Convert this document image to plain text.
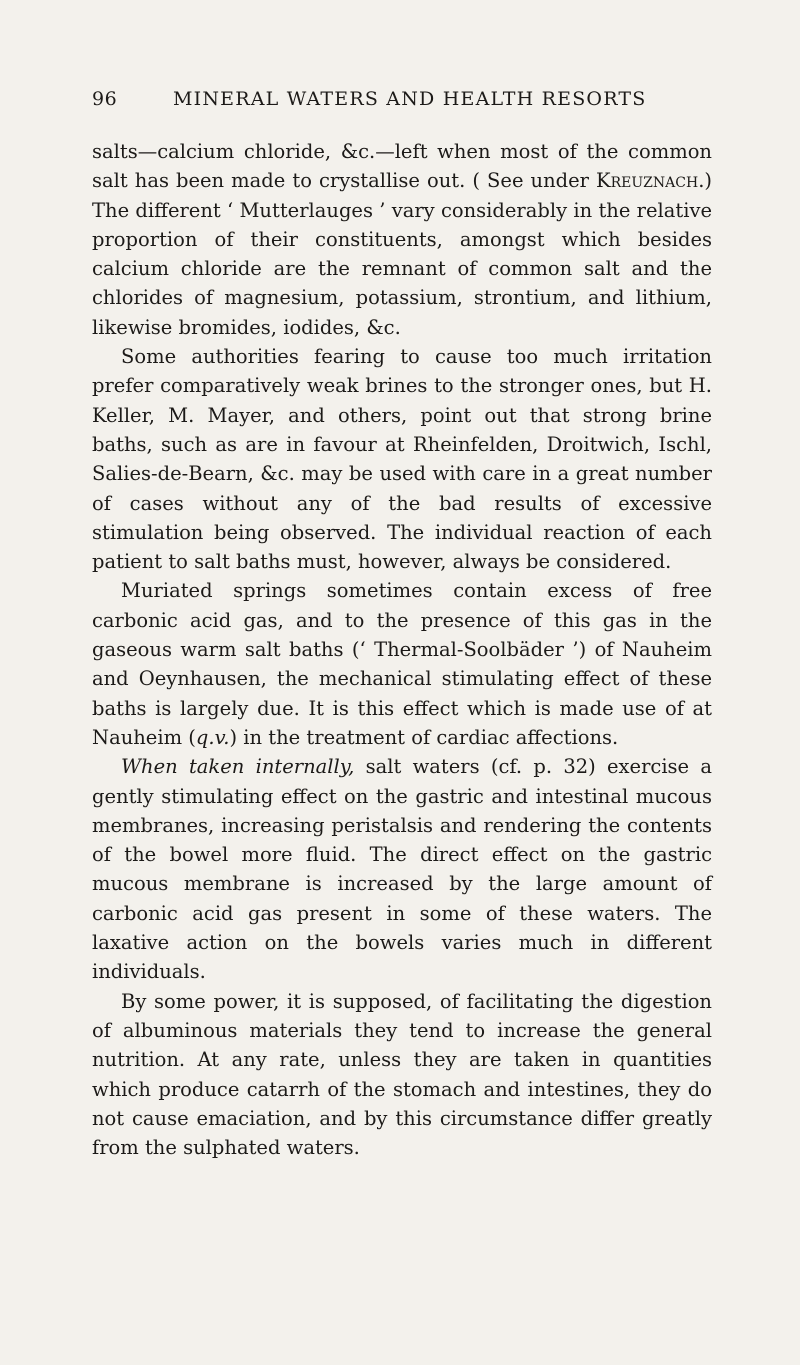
96	MINERAL WATERS AND HEALTH RESORTS

salts—calcium chloride, &c.—left when most of the common salt has been made to crystallise out. ( See under Kreuznach.) The different ‘ Mutterlauges ’ vary considerably in the relative proportion of their constituents, amongst which besides calcium chloride are the remnant of common salt and the chlorides of magnesium, potassium, strontium, and lithium, likewise bromides, iodides, &c.

Some authorities fearing to cause too much irritation prefer comparatively weak brines to the stronger ones, but H. Keller, M. Mayer, and others, point out that strong brine baths, such as are in favour at Rheinfelden, Droitwich, Ischl, Salies-de-Bearn, &c. may be used with care in a great number of cases without any of the bad results of excessive stimulation being observed. The individual reaction of each patient to salt baths must, however, always be considered.

Muriated springs sometimes contain excess of free carbonic acid gas, and to the presence of this gas in the gaseous warm salt baths (‘ Thermal-Soolbäder ’) of Nauheim and Oeynhausen, the mechanical stimulating effect of these baths is largely due. It is this effect which is made use of at Nauheim (q.v.) in the treatment of cardiac affections.

When taken internally, salt waters (cf. p. 32) exercise a gently stimulating effect on the gastric and intestinal mucous membranes, increasing peristalsis and rendering the contents of the bowel more fluid. The direct effect on the gastric mucous membrane is increased by the large amount of carbonic acid gas present in some of these waters. The laxative action on the bowels varies much in different individuals.

By some power, it is supposed, of facilitating the digestion of albuminous materials they tend to increase the general nutrition. At any rate, unless they are taken in quantities which produce catarrh of the stomach and intestines, they do not cause emaciation, and by this circumstance differ greatly from the sulphated waters.
